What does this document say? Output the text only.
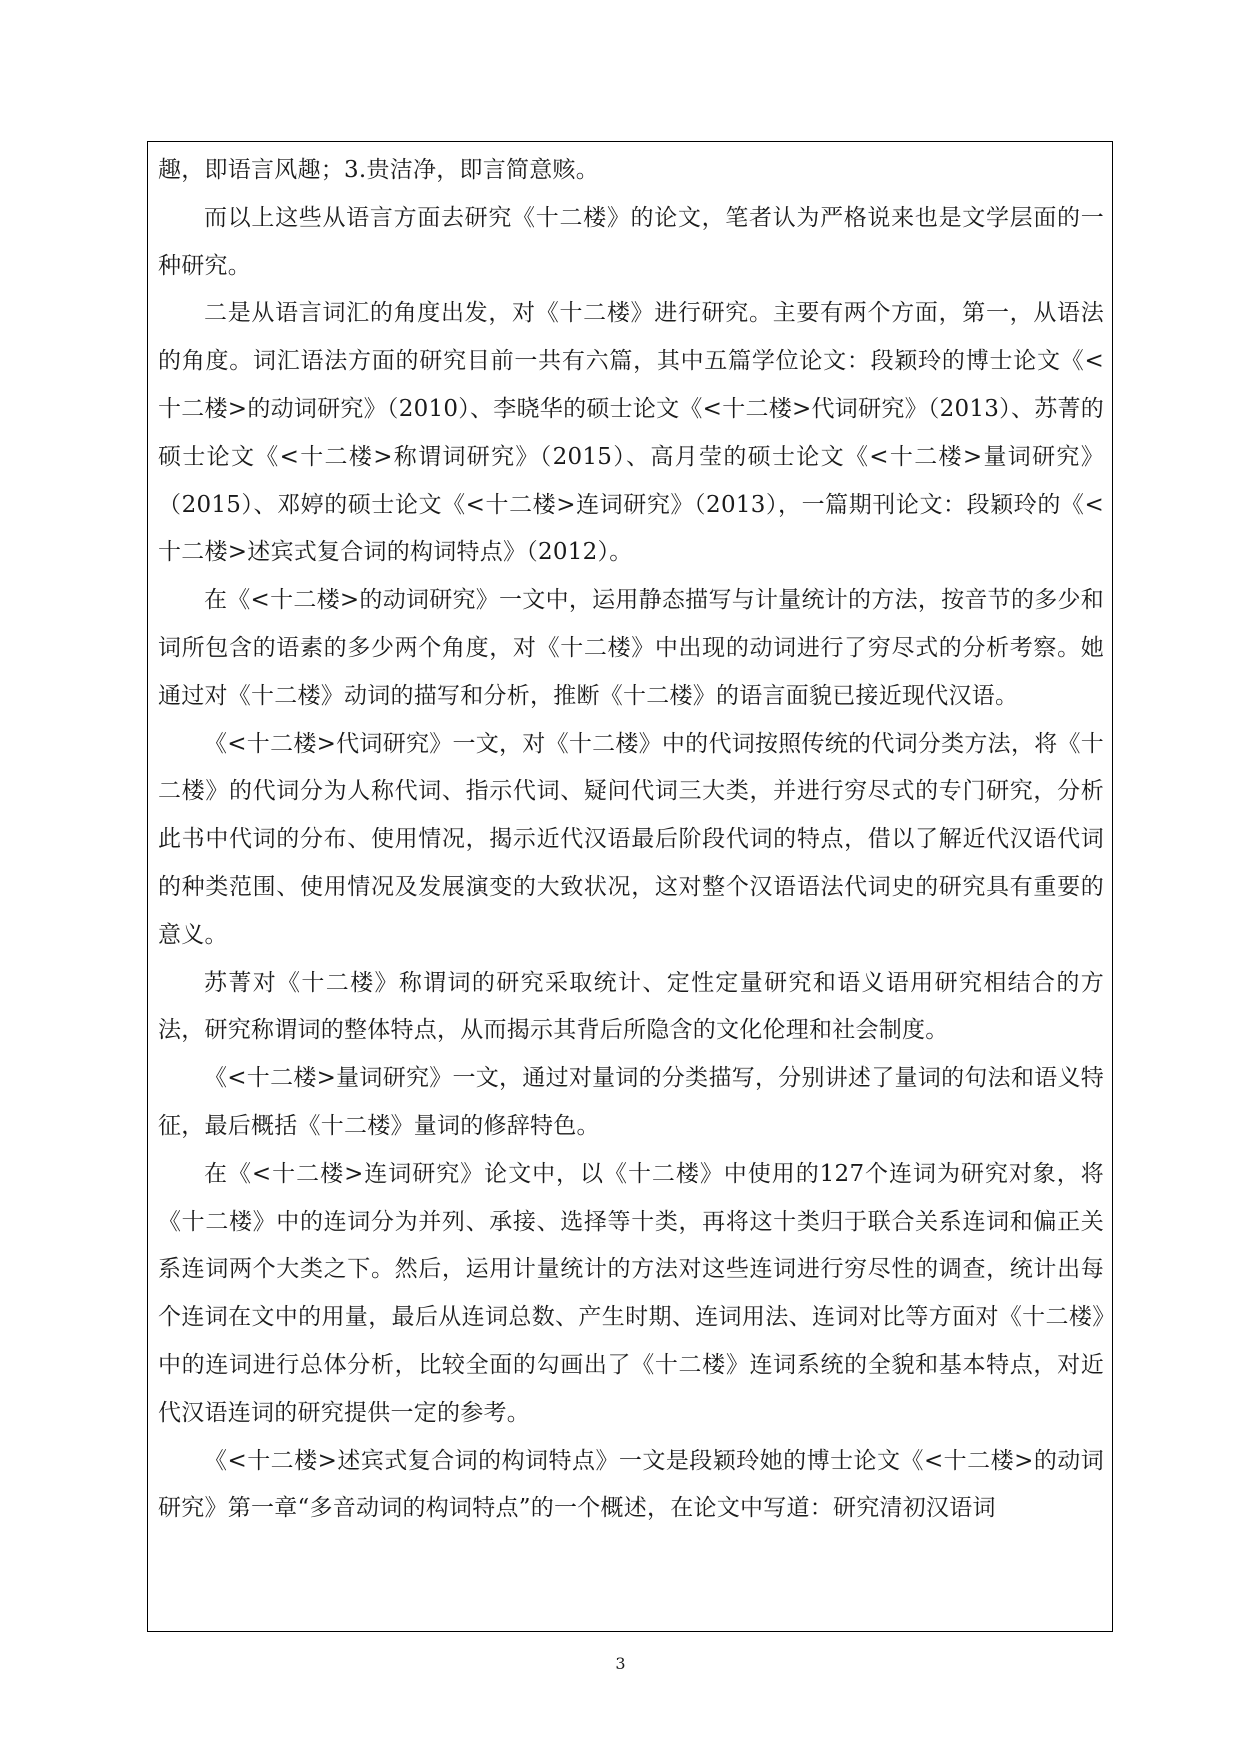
趣，即语言风趣；3.贵洁净，即言简意赅。

而以上这些从语言方面去研究《十二楼》的论文，笔者认为严格说来也是文学层面的一种研究。

二是从语言词汇的角度出发，对《十二楼》进行研究。主要有两个方面，第一，从语法的角度。词汇语法方面的研究目前一共有六篇，其中五篇学位论文：段颖玲的博士论文《<十二楼>的动词研究》（2010）、李晓华的硕士论文《<十二楼>代词研究》（2013）、苏菁的硕士论文《<十二楼>称谓词研究》（2015）、高月莹的硕士论文《<十二楼>量词研究》（2015）、邓婷的硕士论文《<十二楼>连词研究》（2013），一篇期刊论文：段颖玲的《<十二楼>述宾式复合词的构词特点》（2012）。

在《<十二楼>的动词研究》一文中，运用静态描写与计量统计的方法，按音节的多少和词所包含的语素的多少两个角度，对《十二楼》中出现的动词进行了穷尽式的分析考察。她通过对《十二楼》动词的描写和分析，推断《十二楼》的语言面貌已接近现代汉语。

《<十二楼>代词研究》一文，对《十二楼》中的代词按照传统的代词分类方法，将《十二楼》的代词分为人称代词、指示代词、疑问代词三大类，并进行穷尽式的专门研究，分析此书中代词的分布、使用情况，揭示近代汉语最后阶段代词的特点，借以了解近代汉语代词的种类范围、使用情况及发展演变的大致状况，这对整个汉语语法代词史的研究具有重要的意义。

苏菁对《十二楼》称谓词的研究采取统计、定性定量研究和语义语用研究相结合的方法，研究称谓词的整体特点，从而揭示其背后所隐含的文化伦理和社会制度。

《<十二楼>量词研究》一文，通过对量词的分类描写，分别讲述了量词的句法和语义特征，最后概括《十二楼》量词的修辞特色。

在《<十二楼>连词研究》论文中，以《十二楼》中使用的127个连词为研究对象，将《十二楼》中的连词分为并列、承接、选择等十类，再将这十类归于联合关系连词和偏正关系连词两个大类之下。然后，运用计量统计的方法对这些连词进行穷尽性的调查，统计出每个连词在文中的用量，最后从连词总数、产生时期、连词用法、连词对比等方面对《十二楼》中的连词进行总体分析，比较全面的勾画出了《十二楼》连词系统的全貌和基本特点，对近代汉语连词的研究提供一定的参考。

《<十二楼>述宾式复合词的构词特点》一文是段颖玲她的博士论文《<十二楼>的动词研究》第一章“多音动词的构词特点”的一个概述，在论文中写道：研究清初汉语词

3
